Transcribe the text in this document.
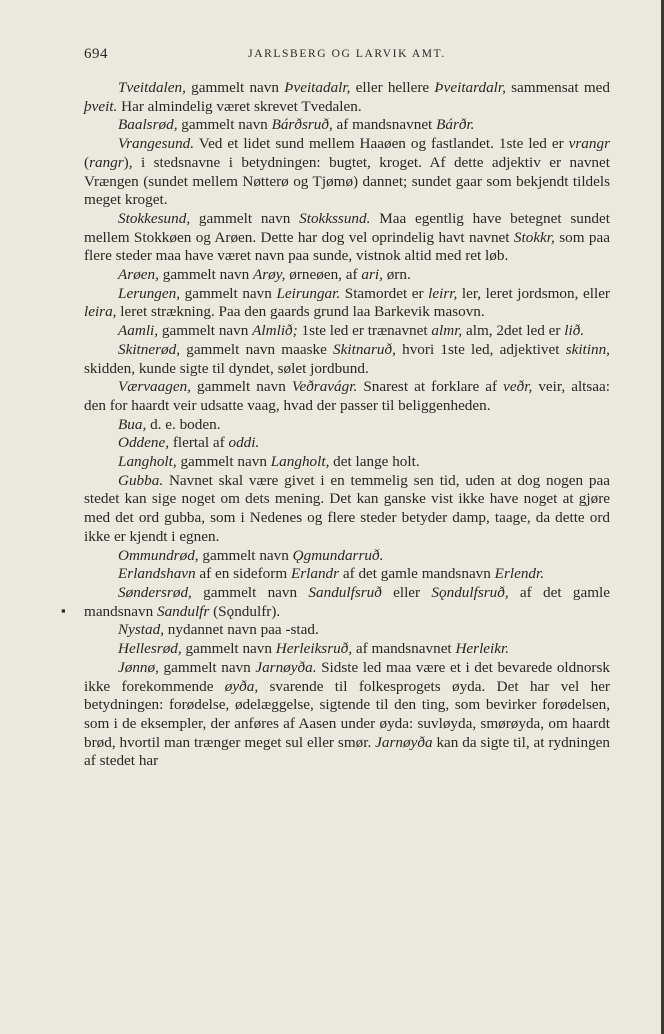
694	JARLSBERG OG LARVIK AMT.
▪

Tveitdalen, gammelt navn Þveitadalr, eller hellere Þveitardalr, sammensat med þveit. Har almindelig været skrevet Tvedalen.

Baalsrød, gammelt navn Bárðsruð, af mandsnavnet Bárðr.

Vrangesund. Ved et lidet sund mellem Haaøen og fastlandet. 1ste led er vrangr (rangr), i stedsnavne i betydningen: bugtet, kroget. Af dette adjektiv er navnet Vrængen (sundet mellem Nøtterø og Tjømø) dannet; sundet gaar som bekjendt tildels meget kroget.

Stokkesund, gammelt navn Stokkssund. Maa egentlig have betegnet sundet mellem Stokkøen og Arøen. Dette har dog vel oprindelig havt navnet Stokkr, som paa flere steder maa have været navn paa sunde, vistnok altid med ret løb.

Arøen, gammelt navn Arøy, ørneøen, af ari, ørn.

Lerungen, gammelt navn Leirungar. Stamordet er leirr, ler, leret jordsmon, eller leira, leret strækning. Paa den gaards grund laa Barkevik masovn.

Aamli, gammelt navn Almlið; 1ste led er trænavnet almr, alm, 2det led er lið.

Skitnerød, gammelt navn maaske Skitnaruð, hvori 1ste led, adjektivet skitinn, skidden, kunde sigte til dyndet, sølet jordbund.

Værvaagen, gammelt navn Veðravágr. Snarest at forklare af veðr, veir, altsaa: den for haardt veir udsatte vaag, hvad der passer til beliggenheden.

Bua, d. e. boden.

Oddene, flertal af oddi.

Langholt, gammelt navn Langholt, det lange holt.

Gubba. Navnet skal være givet i en temmelig sen tid, uden at dog nogen paa stedet kan sige noget om dets mening. Det kan ganske vist ikke have noget at gjøre med det ord gubba, som i Nedenes og flere steder betyder damp, taage, da dette ord ikke er kjendt i egnen.

Ommundrød, gammelt navn Ǫgmundarruð.

Erlandshavn af en sideform Erlandr af det gamle mandsnavn Erlendr.

Søndersrød, gammelt navn Sandulfsruð eller Sǫndulfsruð, af det gamle mandsnavn Sandulfr (Sǫndulfr).

Nystad, nydannet navn paa -stad.

Hellesrød, gammelt navn Herleiksruð, af mandsnavnet Herleikr.

Jønnø, gammelt navn Jarnøyða. Sidste led maa være et i det bevarede oldnorsk ikke forekommende øyða, svarende til folkesprogets øyda. Det har vel her betydningen: forødelse, ødelæggelse, sigtende til den ting, som bevirker forødelsen, som i de eksempler, der anføres af Aasen under øyda: suvløyda, smørøyda, om haardt brød, hvortil man trænger meget sul eller smør. Jarnøyða kan da sigte til, at rydningen af stedet har
